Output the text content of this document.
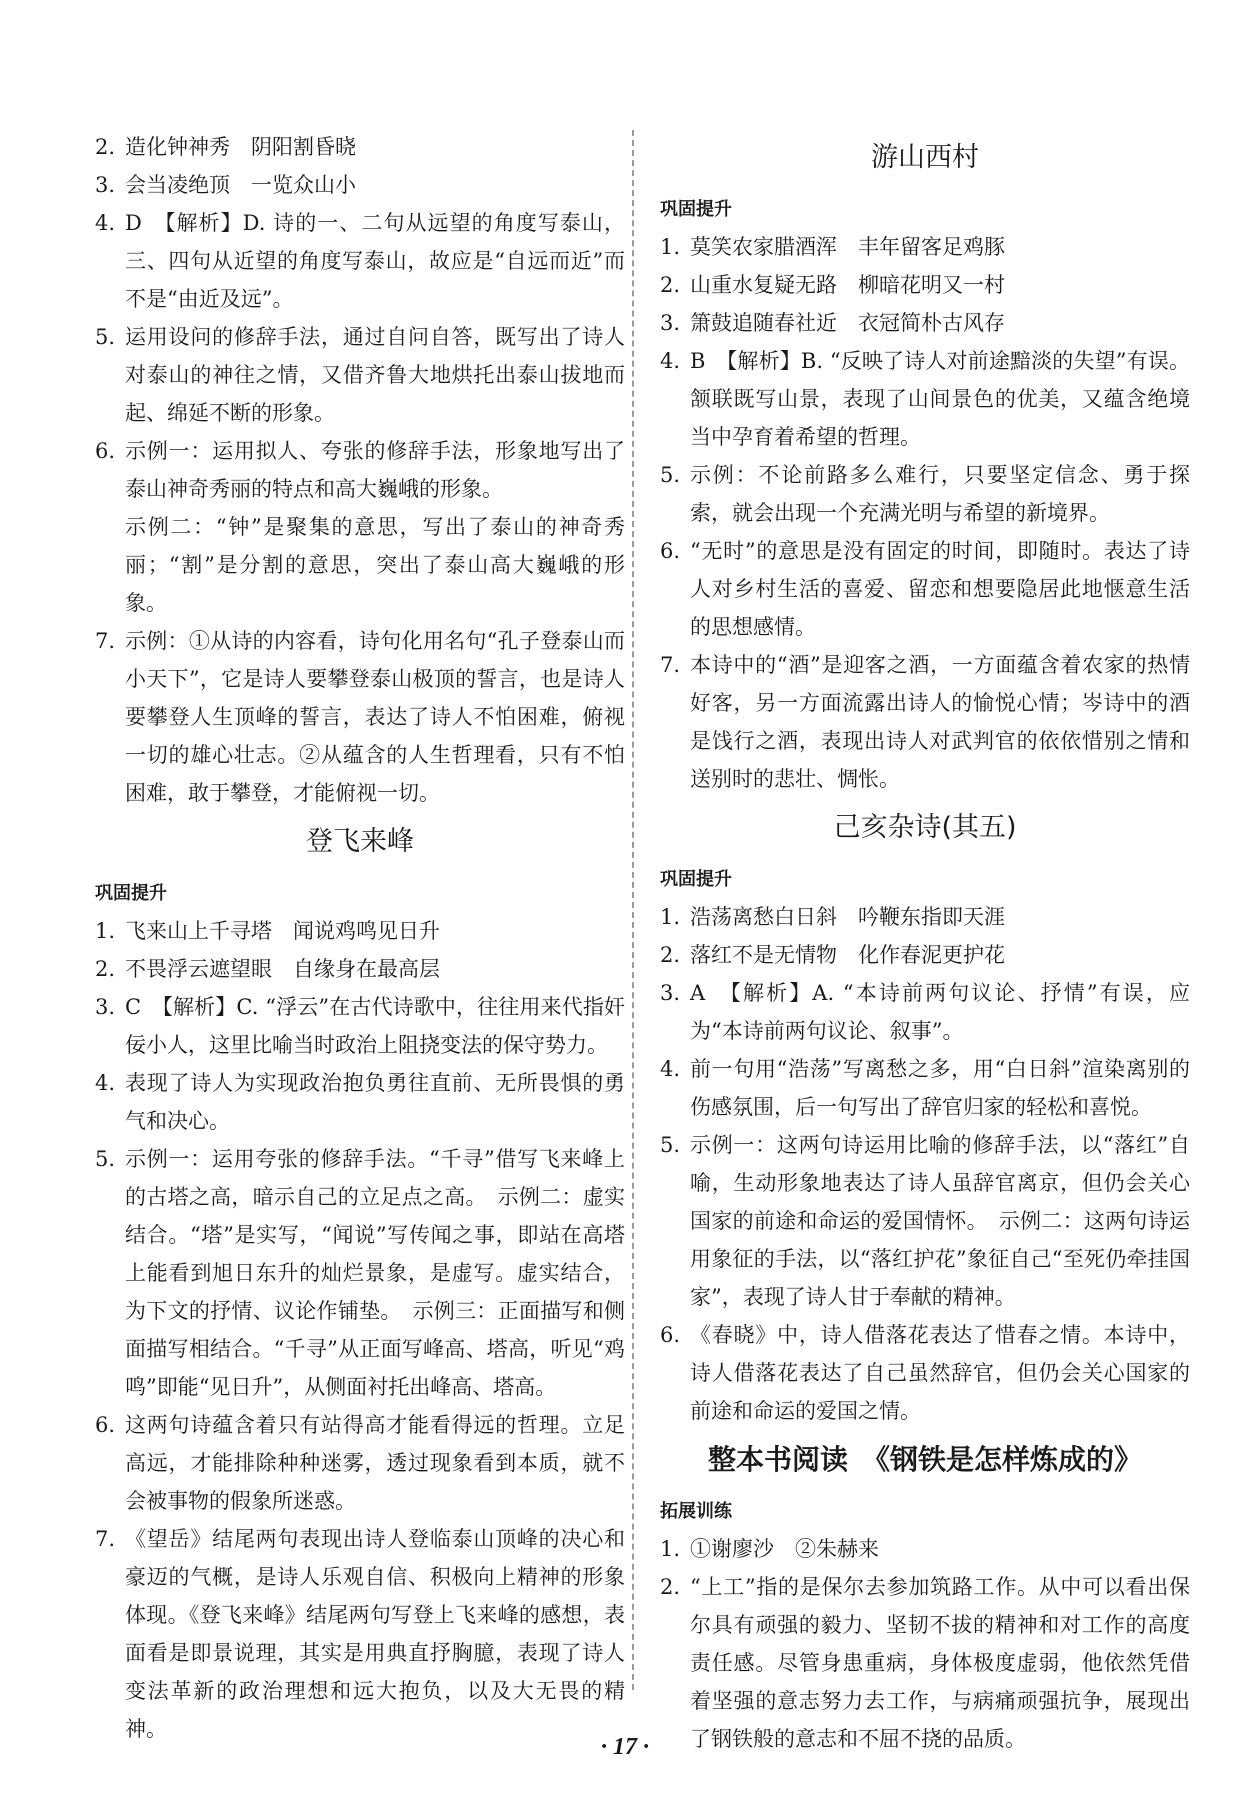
2. 造化钟神秀　阴阳割昏晓
3. 会当凌绝顶　一览众山小
4. D　【解析】D. 诗的一、二句从远望的角度写泰山，三、四句从近望的角度写泰山，故应是“自远而近”而不是“由近及远”。
5. 运用设问的修辞手法，通过自问自答，既写出了诗人对泰山的神往之情，又借齐鲁大地烘托出泰山拔地而起、绵延不断的形象。
6. 示例一：运用拟人、夸张的修辞手法，形象地写出了泰山神奇秀丽的特点和高大巍峨的形象。
示例二：“钟”是聚集的意思，写出了泰山的神奇秀丽；“割”是分割的意思，突出了泰山高大巍峨的形象。
7. 示例：①从诗的内容看，诗句化用名句“孔子登泰山而小天下”，它是诗人要攀登泰山极顶的誓言，也是诗人要攀登人生顶峰的誓言，表达了诗人不怕困难，俯视一切的雄心壮志。②从蕴含的人生哲理看，只有不怕困难，敢于攀登，才能俯视一切。
登飞来峰
巩固提升
1. 飞来山上千寻塔　闻说鸡鸣见日升
2. 不畏浮云遮望眼　自缘身在最高层
3. C　【解析】C. “浮云”在古代诗歌中，往往用来代指奸佞小人，这里比喻当时政治上阻挠变法的保守势力。
4. 表现了诗人为实现政治抱负勇往直前、无所畏惧的勇气和决心。
5. 示例一：运用夸张的修辞手法。“千寻”借写飞来峰上的古塔之高，暗示自己的立足点之高。　示例二：虚实结合。“塔”是实写，“闻说”写传闻之事，即站在高塔上能看到旭日东升的灿烂景象，是虚写。虚实结合，为下文的抒情、议论作铺垫。　示例三：正面描写和侧面描写相结合。“千寻”从正面写峰高、塔高，听见“鸡鸣”即能“见日升”，从侧面衬托出峰高、塔高。
6. 这两句诗蕴含着只有站得高才能看得远的哲理。立足高远，才能排除种种迷雾，透过现象看到本质，就不会被事物的假象所迷惑。
7. 《望岳》结尾两句表现出诗人登临泰山顶峰的决心和豪迈的气概，是诗人乐观自信、积极向上精神的形象体现。《登飞来峰》结尾两句写登上飞来峰的感想，表面看是即景说理，其实是用典直抒胸臆，表现了诗人变法革新的政治理想和远大抱负，以及大无畏的精神。
游山西村
巩固提升
1. 莫笑农家腊酒浑　丰年留客足鸡豚
2. 山重水复疑无路　柳暗花明又一村
3. 箫鼓追随春社近　衣冠简朴古风存
4. B　【解析】B. “反映了诗人对前途黯淡的失望”有误。颔联既写山景，表现了山间景色的优美，又蕴含绝境当中孕育着希望的哲理。
5. 示例：不论前路多么难行，只要坚定信念、勇于探索，就会出现一个充满光明与希望的新境界。
6. “无时”的意思是没有固定的时间，即随时。表达了诗人对乡村生活的喜爱、留恋和想要隐居此地惬意生活的思想感情。
7. 本诗中的“酒”是迎客之酒，一方面蕴含着农家的热情好客，另一方面流露出诗人的愉悦心情；岑诗中的酒是饯行之酒，表现出诗人对武判官的依依惜别之情和送别时的悲壮、惆怅。
己亥杂诗(其五)
巩固提升
1. 浩荡离愁白日斜　吟鞭东指即天涯
2. 落红不是无情物　化作春泥更护花
3. A　【解析】A. “本诗前两句议论、抒情”有误，应为“本诗前两句议论、叙事”。
4. 前一句用“浩荡”写离愁之多，用“白日斜”渲染离别的伤感氛围，后一句写出了辞官归家的轻松和喜悦。
5. 示例一：这两句诗运用比喻的修辞手法，以“落红”自喻，生动形象地表达了诗人虽辞官离京，但仍会关心国家的前途和命运的爱国情怀。　示例二：这两句诗运用象征的手法，以“落红护花”象征自己“至死仍牵挂国家”，表现了诗人甘于奉献的精神。
6. 《春晓》中，诗人借落花表达了惜春之情。本诗中，诗人借落花表达了自己虽然辞官，但仍会关心国家的前途和命运的爱国之情。
整本书阅读　《钢铁是怎样炼成的》
拓展训练
1. ①谢廖沙　②朱赫来
2. “上工”指的是保尔去参加筑路工作。从中可以看出保尔具有顽强的毅力、坚韧不拔的精神和对工作的高度责任感。尽管身患重病，身体极度虚弱，他依然凭借着坚强的意志努力去工作，与病痛顽强抗争，展现出了钢铁般的意志和不屈不挠的品质。
· 17 ·
